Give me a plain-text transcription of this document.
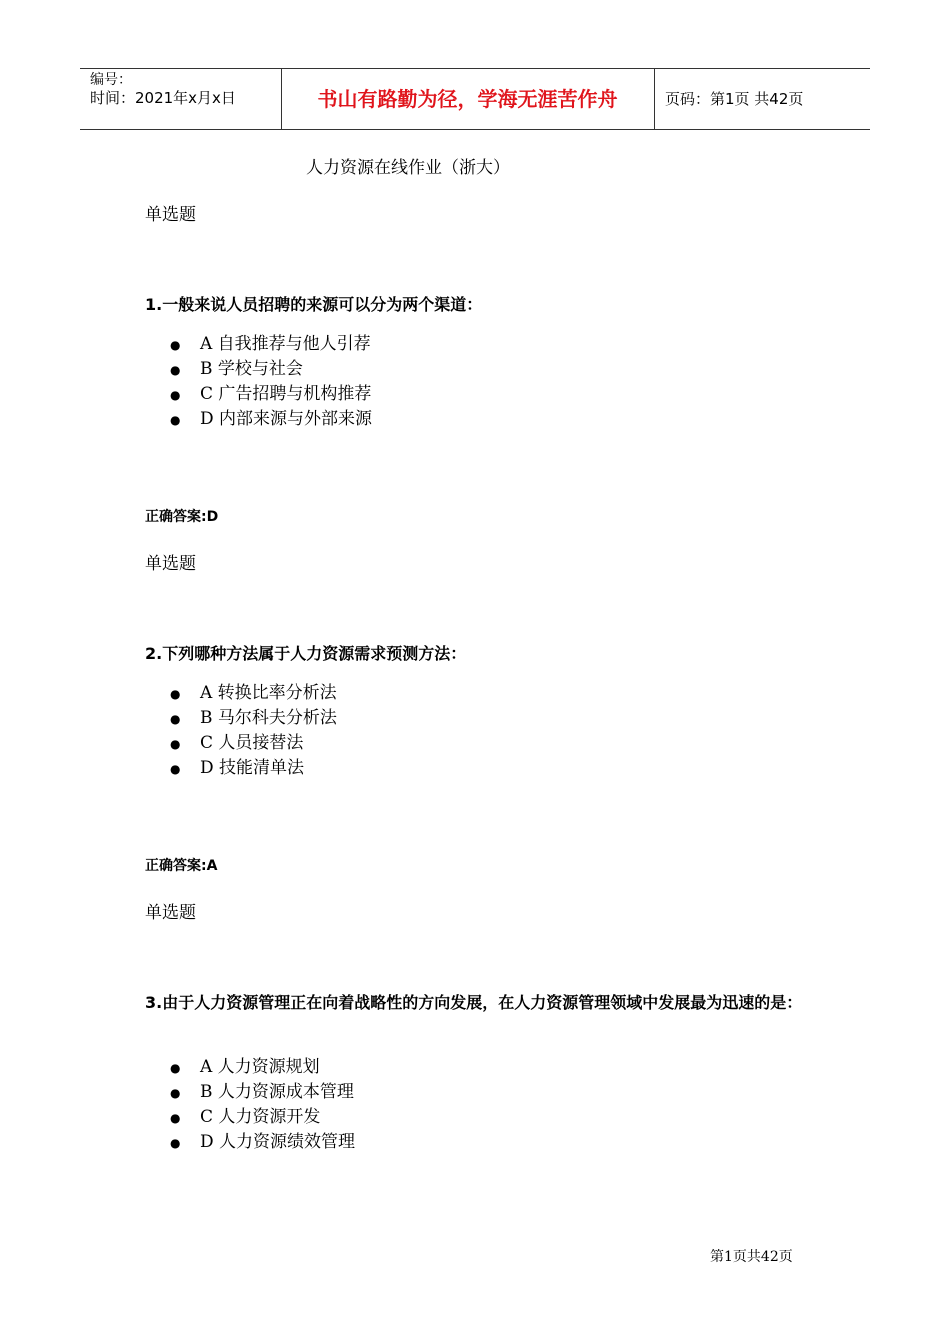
编号：
时间：2021年x月x日	书山有路勤为径，学海无涯苦作舟	页码：第1页 共42页
人力资源在线作业（浙大）
单选题
1.一般来说人员招聘的来源可以分为两个渠道：
● A 自我推荐与他人引荐
● B 学校与社会
● C 广告招聘与机构推荐
● D 内部来源与外部来源
正确答案:D
单选题
2.下列哪种方法属于人力资源需求预测方法：
● A 转换比率分析法
● B 马尔科夫分析法
● C 人员接替法
● D 技能清单法
正确答案:A
单选题
3.由于人力资源管理正在向着战略性的方向发展，在人力资源管理领域中发展最为迅速的是：
● A 人力资源规划
● B 人力资源成本管理
● C 人力资源开发
● D 人力资源绩效管理
第1页共42页
